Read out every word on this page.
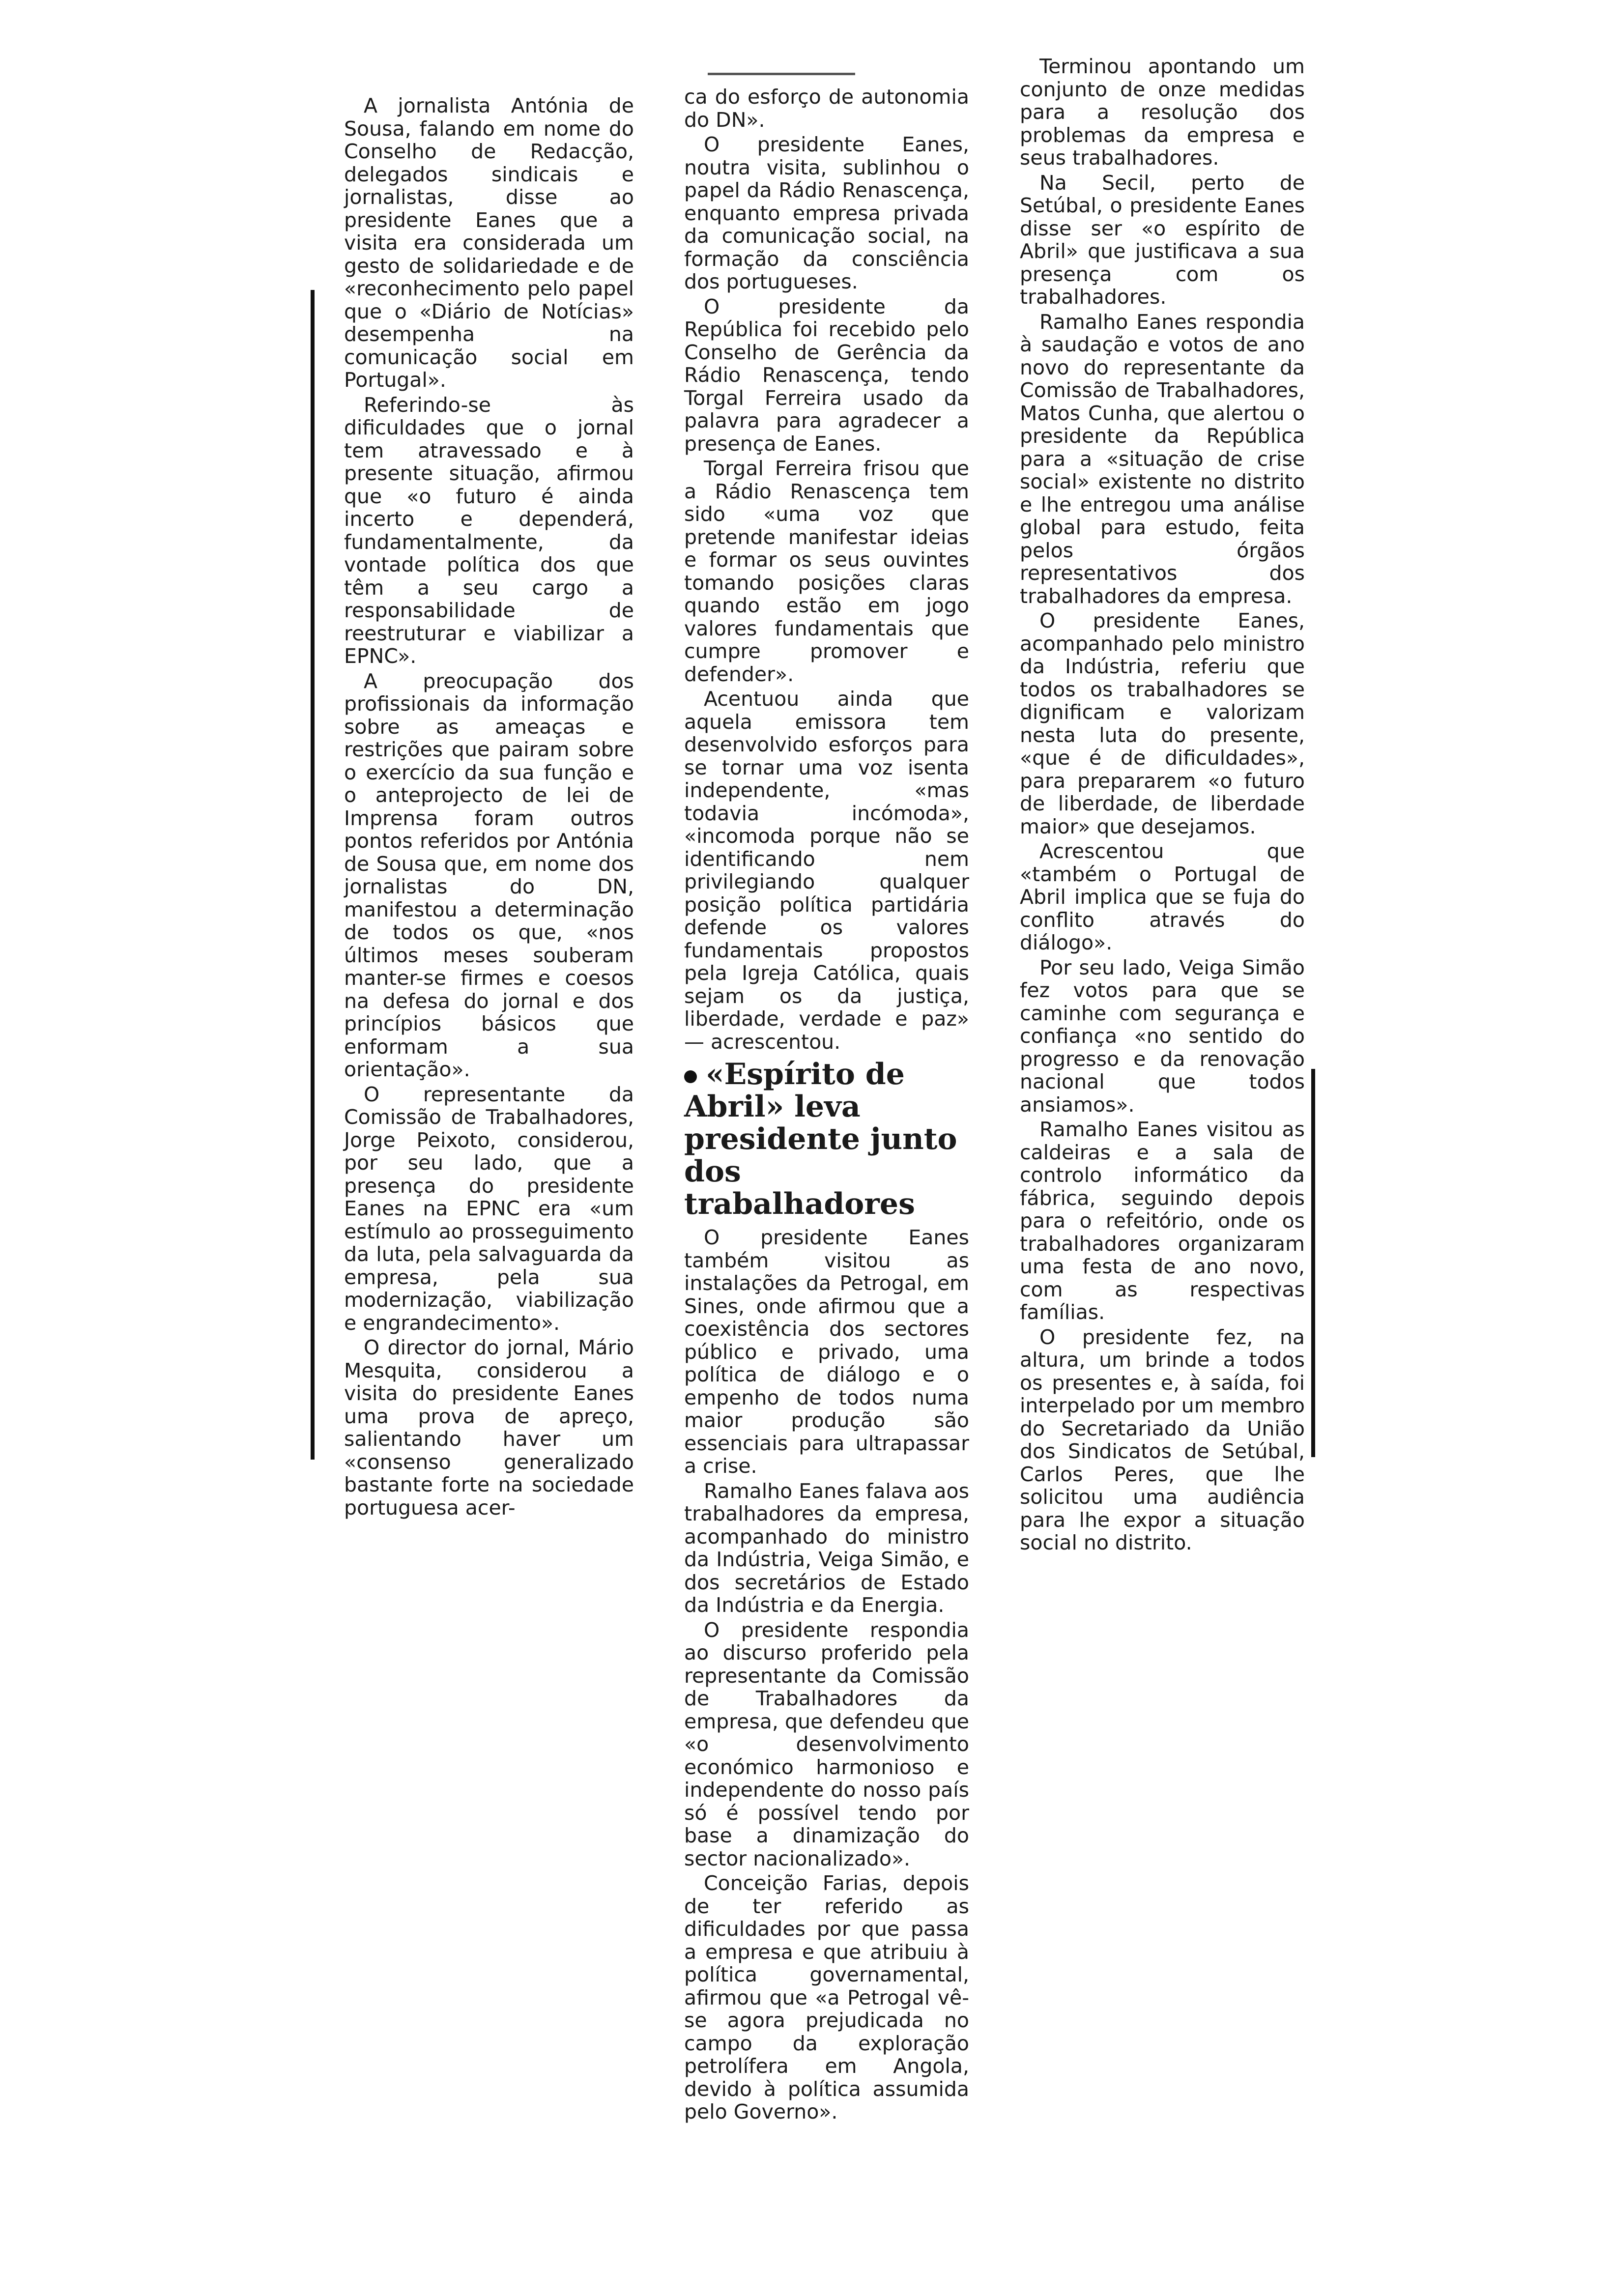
A jornalista Antónia de Sousa, falando em nome do Conselho de Redacção, delegados sindicais e jornalistas, disse ao presidente Eanes que a visita era considerada um gesto de solidariedade e de «reconhecimento pelo papel que o «Diário de Notícias» desempenha na comunicação social em Portugal».

Referindo-se às dificuldades que o jornal tem atravessado e à presente situação, afirmou que «o futuro é ainda incerto e dependerá, fundamentalmente, da vontade política dos que têm a seu cargo a responsabilidade de reestruturar e viabilizar a EPNC».

A preocupação dos profissionais da informação sobre as ameaças e restrições que pairam sobre o exercício da sua função e o anteprojecto de lei de Imprensa foram outros pontos referidos por Antónia de Sousa que, em nome dos jornalistas do DN, manifestou a determinação de todos os que, «nos últimos meses souberam manter-se firmes e coesos na defesa do jornal e dos princípios básicos que enformam a sua orientação».

O representante da Comissão de Trabalhadores, Jorge Peixoto, considerou, por seu lado, que a presença do presidente Eanes na EPNC era «um estímulo ao prosseguimento da luta, pela salvaguarda da empresa, pela sua modernização, viabilização e engrandecimento».

O director do jornal, Mário Mesquita, considerou a visita do presidente Eanes uma prova de apreço, salientando haver um «consenso generalizado bastante forte na sociedade portuguesa acer-

ca do esforço de autonomia do DN».

O presidente Eanes, noutra visita, sublinhou o papel da Rádio Renascença, enquanto empresa privada da comunicação social, na formação da consciência dos portugueses.

O presidente da República foi recebido pelo Conselho de Gerência da Rádio Renascença, tendo Torgal Ferreira usado da palavra para agradecer a presença de Eanes.

Torgal Ferreira frisou que a Rádio Renascença tem sido «uma voz que pretende manifestar ideias e formar os seus ouvintes tomando posições claras quando estão em jogo valores fundamentais que cumpre promover e defender».

Acentuou ainda que aquela emissora tem desenvolvido esforços para se tornar uma voz isenta independente, «mas todavia incómoda», «incomoda porque não se identificando nem privilegiando qualquer posição política partidária defende os valores fundamentais propostos pela Igreja Católica, quais sejam os da justiça, liberdade, verdade e paz» — acrescentou.

«Espírito de Abril» leva presidente junto dos trabalhadores

O presidente Eanes também visitou as instalações da Petrogal, em Sines, onde afirmou que a coexistência dos sectores público e privado, uma política de diálogo e o empenho de todos numa maior produção são essenciais para ultrapassar a crise.

Ramalho Eanes falava aos trabalhadores da empresa, acompanhado do ministro da Indústria, Veiga Simão, e dos secretários de Estado da Indústria e da Energia.

O presidente respondia ao discurso proferido pela representante da Comissão de Trabalhadores da empresa, que defendeu que «o desenvolvimento económico harmonioso e independente do nosso país só é possível tendo por base a dinamização do sector nacionalizado».

Conceição Farias, depois de ter referido as dificuldades por que passa a empresa e que atribuiu à política governamental, afirmou que «a Petrogal vê-se agora prejudicada no campo da exploração petrolífera em Angola, devido à política assumida pelo Governo».

Terminou apontando um conjunto de onze medidas para a resolução dos problemas da empresa e seus trabalhadores.

Na Secil, perto de Setúbal, o presidente Eanes disse ser «o espírito de Abril» que justificava a sua presença com os trabalhadores.

Ramalho Eanes respondia à saudação e votos de ano novo do representante da Comissão de Trabalhadores, Matos Cunha, que alertou o presidente da República para a «situação de crise social» existente no distrito e lhe entregou uma análise global para estudo, feita pelos órgãos representativos dos trabalhadores da empresa.

O presidente Eanes, acompanhado pelo ministro da Indústria, referiu que todos os trabalhadores se dignificam e valorizam nesta luta do presente, «que é de dificuldades», para prepararem «o futuro de liberdade, de liberdade maior» que desejamos.

Acrescentou que «também o Portugal de Abril implica que se fuja do conflito através do diálogo».

Por seu lado, Veiga Simão fez votos para que se caminhe com segurança e confiança «no sentido do progresso e da renovação nacional que todos ansiamos».

Ramalho Eanes visitou as caldeiras e a sala de controlo informático da fábrica, seguindo depois para o refeitório, onde os trabalhadores organizaram uma festa de ano novo, com as respectivas famílias.

O presidente fez, na altura, um brinde a todos os presentes e, à saída, foi interpelado por um membro do Secretariado da União dos Sindicatos de Setúbal, Carlos Peres, que lhe solicitou uma audiência para lhe expor a situação social no distrito.
